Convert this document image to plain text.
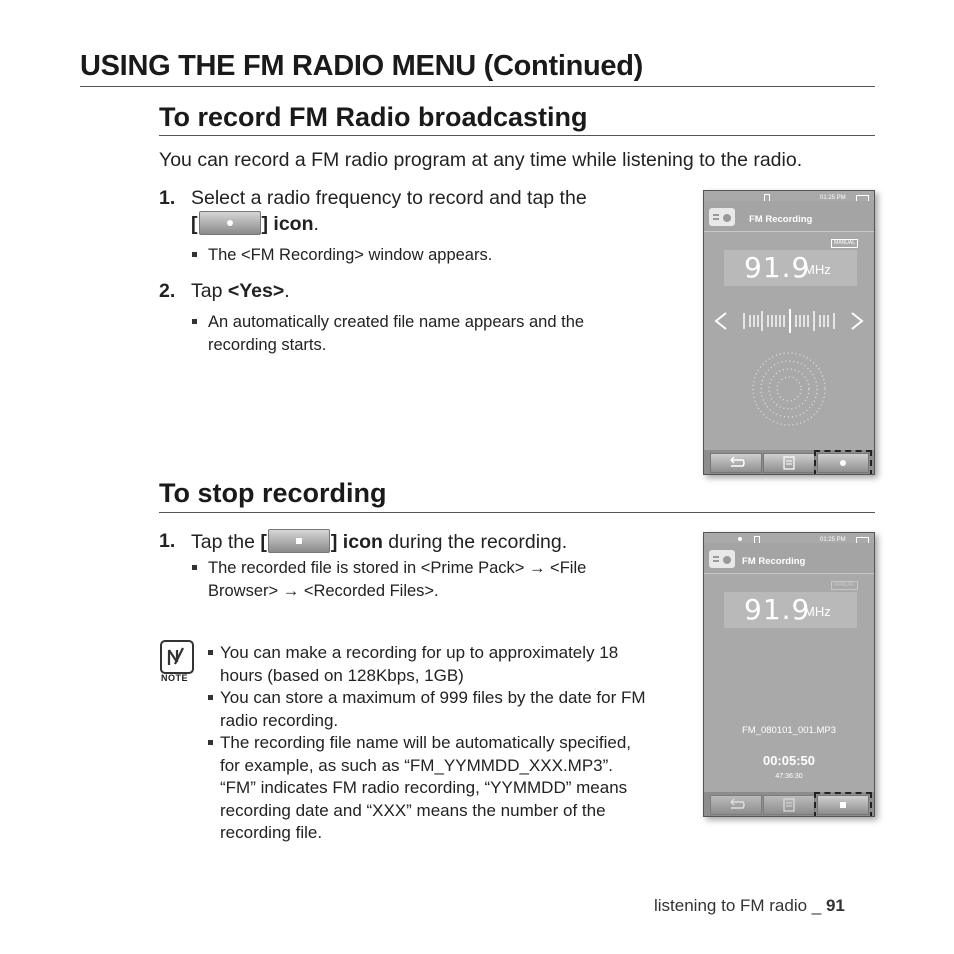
USING THE FM RADIO MENU (Continued)
To record FM Radio broadcasting
You can record a FM radio program at any time while listening to the radio.
1. Select a radio frequency to record and tap the
[	] icon.
The <FM Recording> window appears.
2. Tap <Yes>.
An automatically created file name appears and the
recording starts.
01:25 PM
FM Recording
MANUAL
91.9
MHz
To stop recording
1. Tap the [	] icon during the recording.
The recorded file is stored in <Prime Pack> → <File
Browser> → <Recorded Files>.
NOTE
You can make a recording for up to approximately 18
hours (based on 128Kbps, 1GB)
You can store a maximum of 999 files by the date for FM
radio recording.
The recording file name will be automatically specified,
for example, as such as “FM_YYMMDD_XXX.MP3”.
“FM” indicates FM radio recording, “YYMMDD” means
recording date and “XXX” means the number of the
recording file.
01:25 PM
FM Recording
MANUAL
91.9
MHz
FM_080101_001.MP3
00:05:50
47:36:30
listening to FM radio _ 91
